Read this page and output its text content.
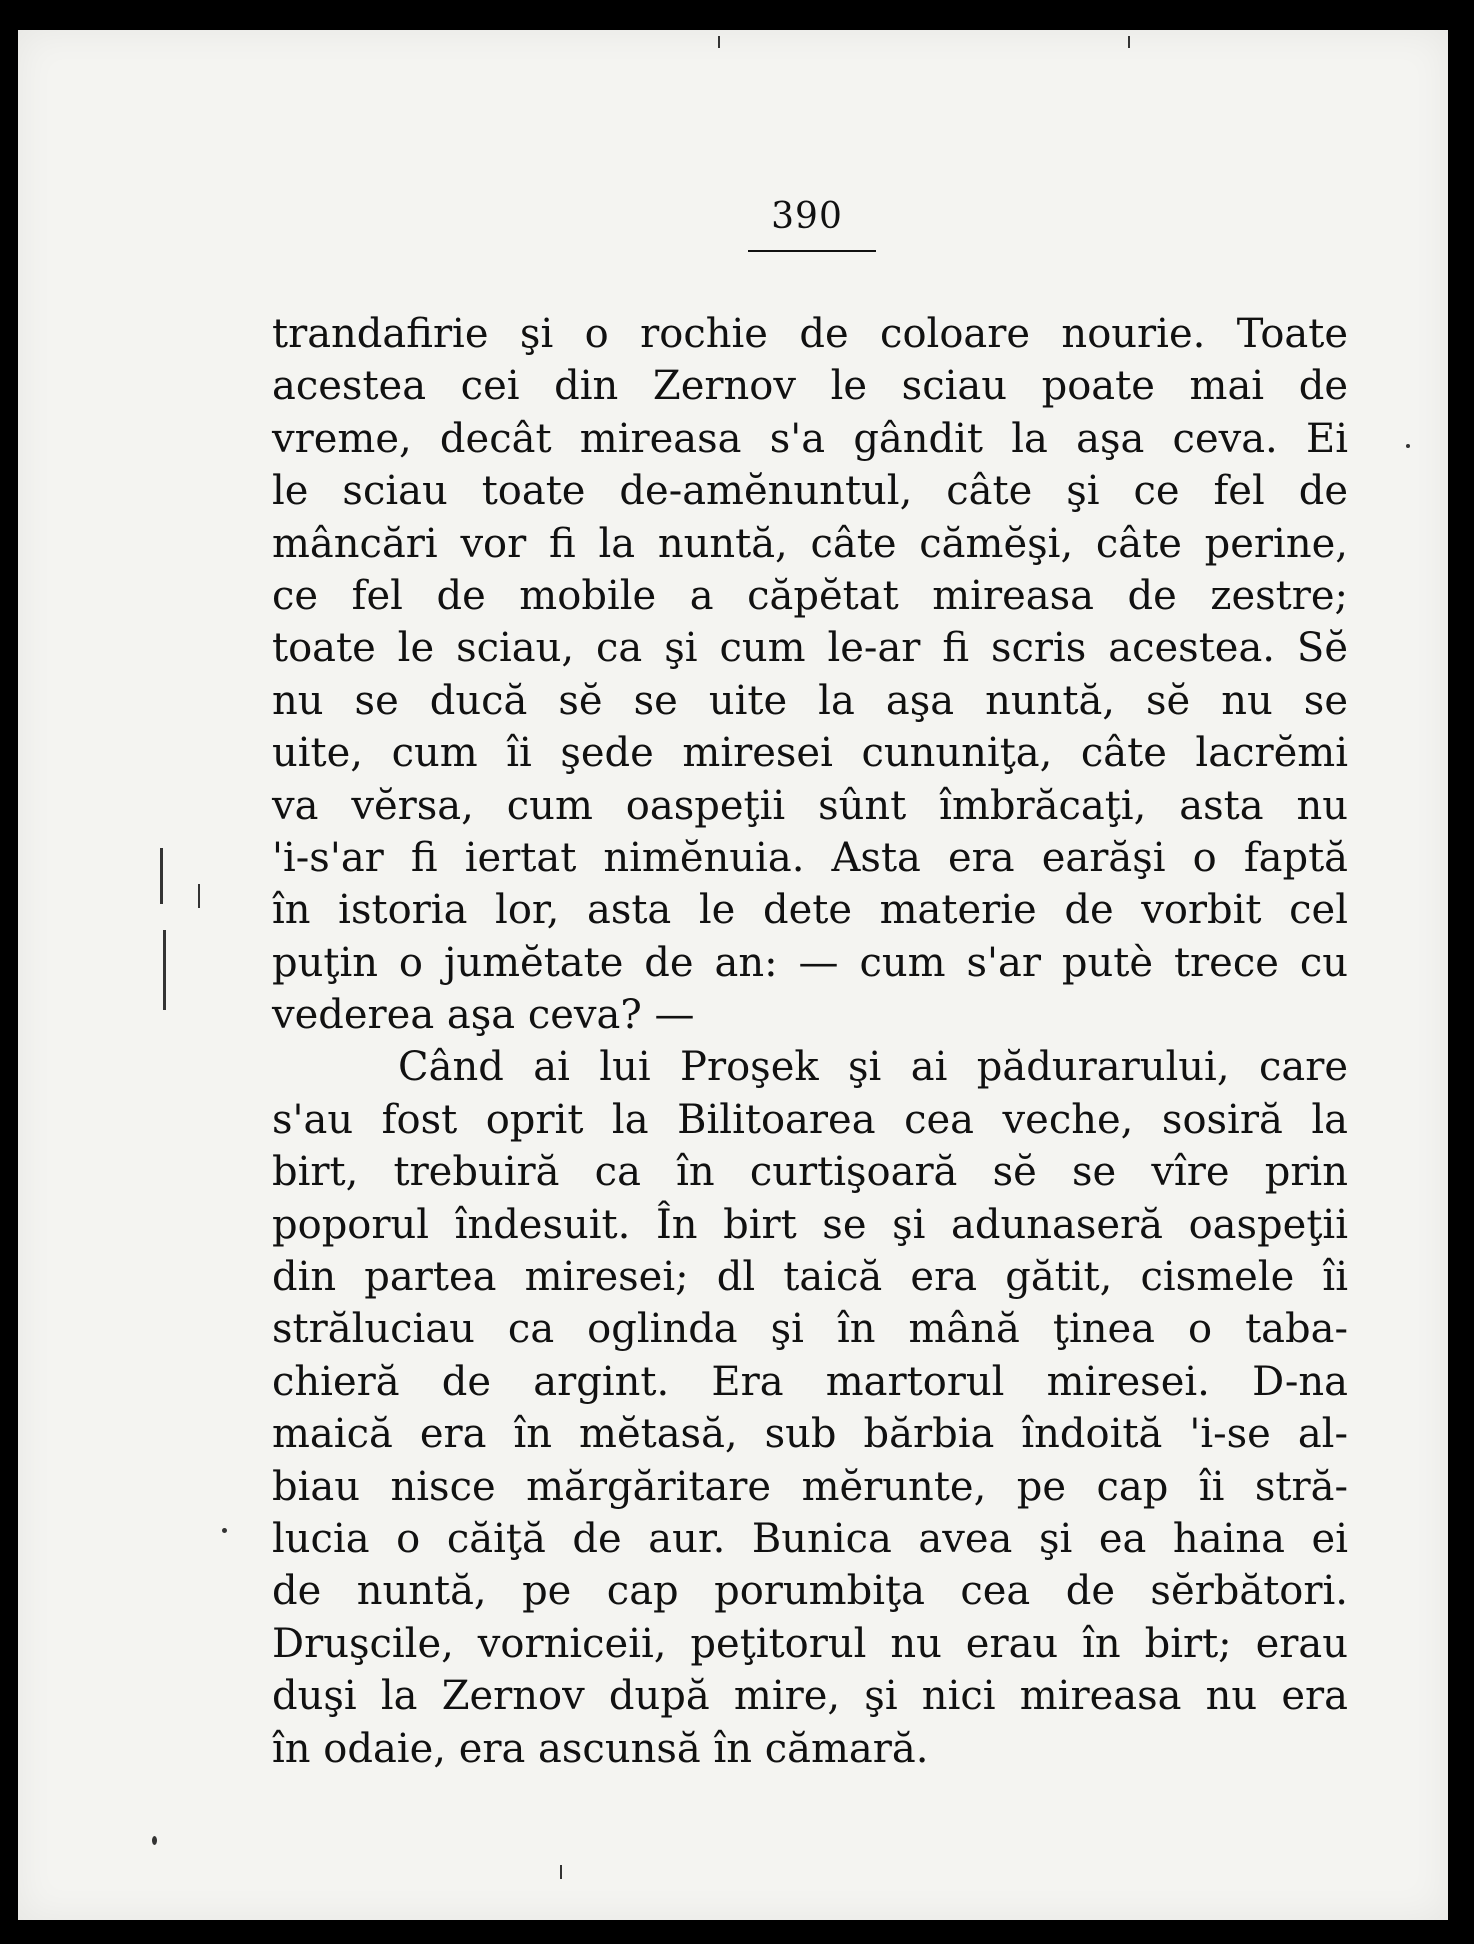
390
trandafirie şi o rochie de coloare nourie. Toate
acestea cei din Zernov le sciau poate mai de
vreme, decât mireasa s'a gândit la aşa ceva. Ei
le sciau toate de-amĕnuntul, câte şi ce fel de
mâncări vor fi la nuntă, câte cămĕşi, câte perine,
ce fel de mobile a căpĕtat mireasa de zestre;
toate le sciau, ca şi cum le-ar fi scris acestea. Sĕ
nu se ducă sĕ se uite la aşa nuntă, sĕ nu se
uite, cum îi şede miresei cununiţa, câte lacrĕmi
va vĕrsa, cum oaspeţii sûnt îmbrăcaţi, asta nu
'i-s'ar fi iertat nimĕnuia. Asta era earăşi o faptă
în istoria lor, asta le dete materie de vorbit cel
puţin o jumĕtate de an: — cum s'ar putè trece cu
vederea aşa ceva? —
Când ai lui Proşek şi ai pădurarului, care
s'au fost oprit la Bilitoarea cea veche, sosiră la
birt, trebuiră ca în curtişoară sĕ se vîre prin
poporul îndesuit. În birt se şi adunaseră oaspeţii
din partea miresei; dl taică era gătit, cismele îi
străluciau ca oglinda şi în mână ţinea o taba-
chieră de argint. Era martorul miresei. D-na
maică era în mĕtasă, sub bărbia îndoită 'i-se al-
biau nisce mărgăritare mĕrunte, pe cap îi stră-
lucia o căiţă de aur. Bunica avea şi ea haina ei
de nuntă, pe cap porumbiţa cea de sĕrbători.
Druşcile, vorniceii, peţitorul nu erau în birt; erau
duşi la Zernov după mire, şi nici mireasa nu era
în odaie, era ascunsă în cămară.
